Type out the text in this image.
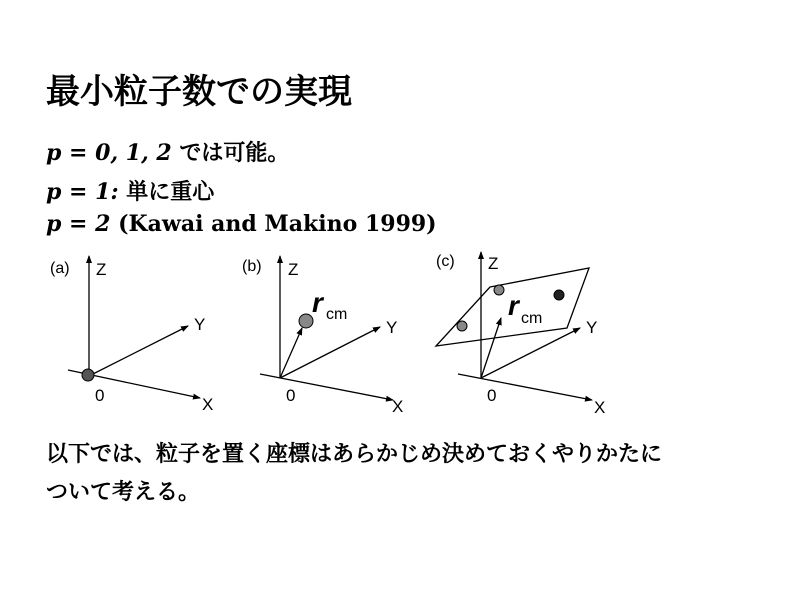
最小粒子数での実現
p = 0, 1, 2 では可能。
p = 1: 単に重心
p = 2 (Kawai and Makino 1999)
(a) Z
Y
X
0
(b) Z
Y
X
0
r cm
(c) Z
Y
X
0
r cm
以下では、粒子を置く座標はあらかじめ決めておくやりかたに
ついて考える。
